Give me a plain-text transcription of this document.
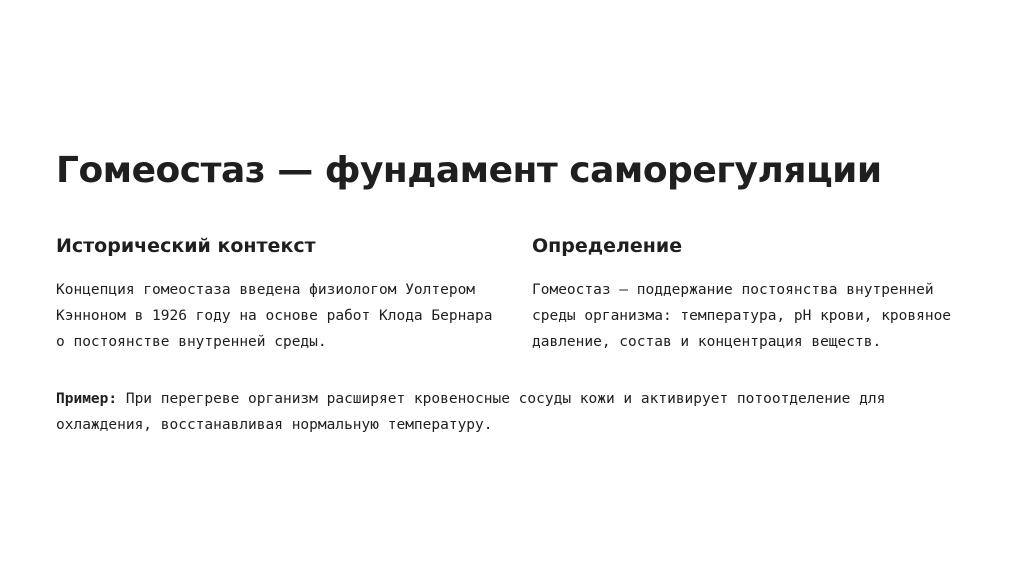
Гомеостаз — фундамент саморегуляции
Исторический контекст

Концепция гомеостаза введена физиологом Уолтером Кэнноном в 1926 году на основе работ Клода Бернара о постоянстве внутренней среды.

Определение

Гомеостаз — поддержание постоянства внутренней среды организма: температура, pH крови, кровяное давление, состав и концентрация веществ.

Пример: При перегреве организм расширяет кровеносные сосуды кожи и активирует потоотделение для охлаждения, восстанавливая нормальную температуру.
